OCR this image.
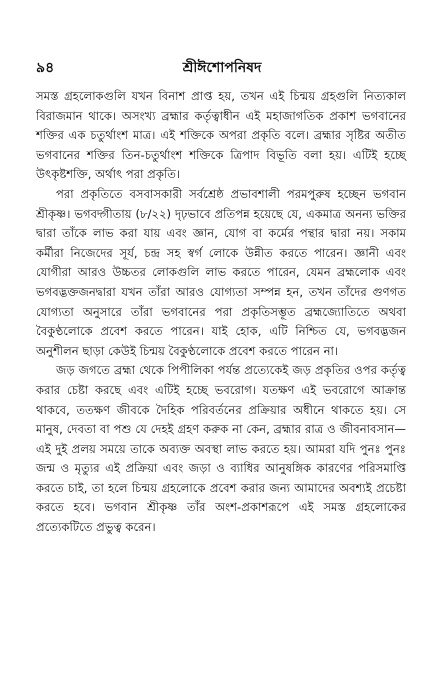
৯৪	শ্রীঈশোপনিষদ

সমস্ত গ্রহলোকগুলি যখন বিনাশ প্রাপ্ত হয়, তখন এই চিন্ময় গ্রহগুলি নিত্যকাল বিরাজমান থাকে। অসংখ্য ব্রহ্মার কর্তৃত্বাধীন এই মহাজাগতিক প্রকাশ ভগবানের শক্তির এক চতুর্থাংশ মাত্র। এই শক্তিকে অপরা প্রকৃতি বলে। ব্রহ্মার সৃষ্টির অতীত ভগবানের শক্তির তিন-চতুর্থাংশ শক্তিকে ত্রিপাদ বিভূতি বলা হয়। এটিই হচ্ছে উৎকৃষ্টশক্তি, অর্থাৎ পরা প্রকৃতি।

পরা প্রকৃতিতে বসবাসকারী সর্বশ্রেষ্ঠ প্রভাবশালী পরমপুরুষ হচ্ছেন ভগবান শ্রীকৃষ্ণ। ভগবদ্গীতায় (৮/২২) দৃঢ়ভাবে প্রতিপন্ন হয়েছে যে, একমাত্র অনন্য ভক্তির দ্বারা তাঁকে লাভ করা যায় এবং জ্ঞান, যোগ বা কর্মের পন্থার দ্বারা নয়। সকাম কর্মীরা নিজেদের সূর্য, চন্দ্র সহ স্বর্গ লোকে উন্নীত করতে পারেন। জ্ঞানী এবং যোগীরা আরও উচ্চতর লোকগুলি লাভ করতে পারেন, যেমন ব্রহ্মলোক এবং ভগবদ্ভক্তজনদ্বারা যখন তাঁরা আরও যোগ্যতা সম্পন্ন হন, তখন তাঁদের গুণগত যোগ্যতা অনুসারে তাঁরা ভগবানের পরা প্রকৃতিসম্ভূত ব্রহ্মজ্যোতিতে অথবা বৈকুণ্ঠলোকে প্রবেশ করতে পারেন। যাই হোক, এটি নিশ্চিত যে, ভগবদ্ভজন অনুশীলন ছাড়া কেউই চিন্ময় বৈকুণ্ঠলোকে প্রবেশ করতে পারেন না।

জড় জগতে ব্রহ্মা থেকে পিপীলিকা পর্যন্ত প্রত্যেকেই জড় প্রকৃতির ওপর কর্তৃত্ব করার চেষ্টা করছে এবং এটিই হচ্ছে ভবরোগ। যতক্ষণ এই ভবরোগে আক্রান্ত থাকবে, ততক্ষণ জীবকে দৈহিক পরিবর্তনের প্রক্রিয়ার অধীনে থাকতে হয়। সে মানুষ, দেবতা বা পশু যে দেহই গ্রহণ করুক না কেন, ব্রহ্মার রাত্র ও জীবনাবসান—এই দুই প্রলয় সময়ে তাকে অব্যক্ত অবস্থা লাভ করতে হয়। আমরা যদি পুনঃ পুনঃ জন্ম ও মৃত্যুর এই প্রক্রিয়া এবং জড়া ও ব্যাধির আনুষঙ্গিক কারণের পরিসমাপ্তি করতে চাই, তা হলে চিন্ময় গ্রহলোকে প্রবেশ করার জন্য আমাদের অবশ্যই প্রচেষ্টা করতে হবে। ভগবান শ্রীকৃষ্ণ তাঁর অংশ-প্রকাশরূপে এই সমস্ত গ্রহলোকের প্রত্যেকটিতে প্রভুত্ব করেন।
